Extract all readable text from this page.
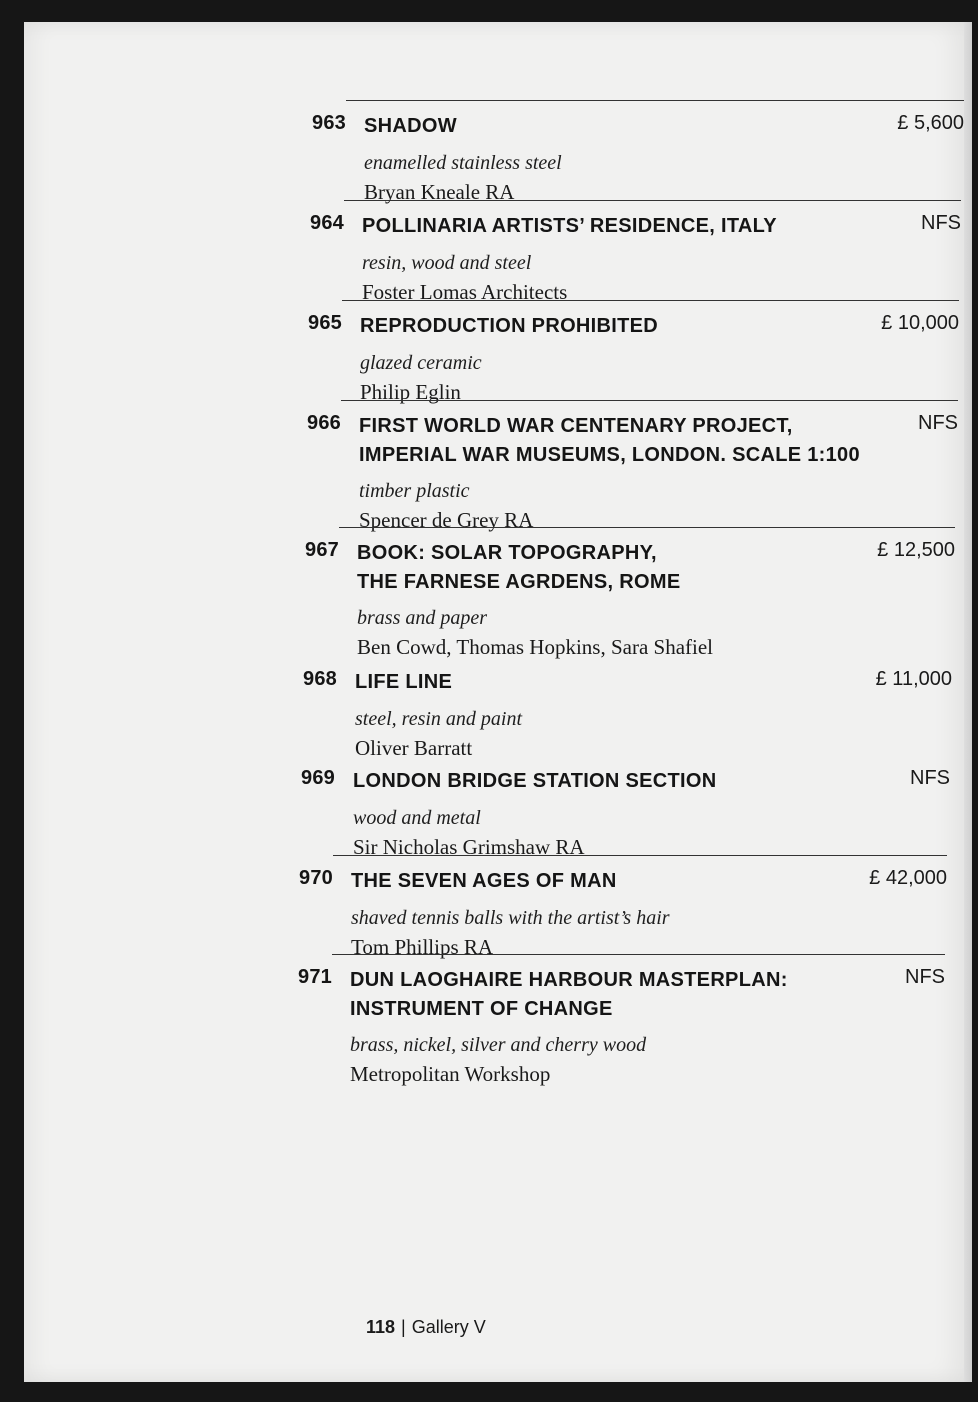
963 SHADOW
enamelled stainless steel
Bryan Kneale RA
£ 5,600
964 POLLINARIA ARTISTS’ RESIDENCE, ITALY
resin, wood and steel
Foster Lomas Architects
NFS
965 REPRODUCTION PROHIBITED
glazed ceramic
Philip Eglin
£ 10,000
966 FIRST WORLD WAR CENTENARY PROJECT,
IMPERIAL WAR MUSEUMS, LONDON. SCALE 1:100
timber plastic
Spencer de Grey RA
NFS
967 BOOK: SOLAR TOPOGRAPHY,
THE FARNESE AGRDENS, ROME
brass and paper
Ben Cowd, Thomas Hopkins, Sara Shafiel
£ 12,500
968 LIFE LINE
steel, resin and paint
Oliver Barratt
£ 11,000
969 LONDON BRIDGE STATION SECTION
wood and metal
Sir Nicholas Grimshaw RA
NFS
970 THE SEVEN AGES OF MAN
shaved tennis balls with the artist’s hair
Tom Phillips RA
£ 42,000
971 DUN LAOGHAIRE HARBOUR MASTERPLAN:
INSTRUMENT OF CHANGE
brass, nickel, silver and cherry wood
Metropolitan Workshop
NFS
118 | Gallery V
